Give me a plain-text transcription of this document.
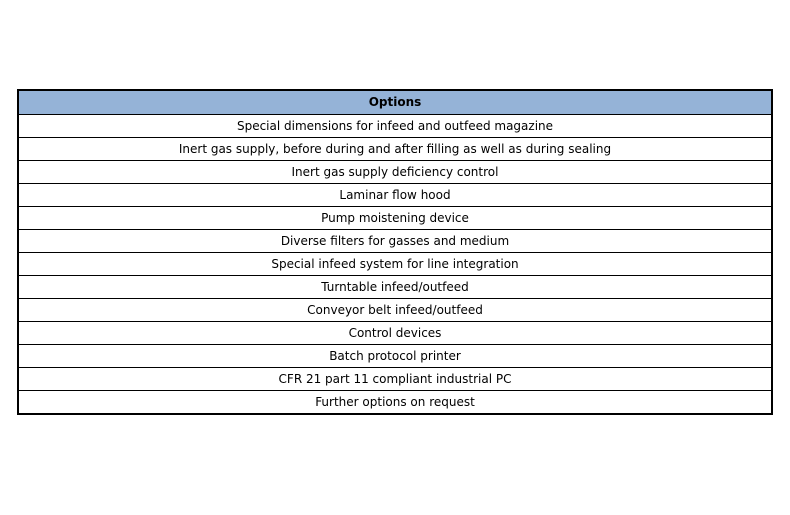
Options
Special dimensions for infeed and outfeed magazine
Inert gas supply, before during and after filling as well as during sealing
Inert gas supply deficiency control
Laminar flow hood
Pump moistening device
Diverse filters for gasses and medium
Special infeed system for line integration
Turntable infeed/outfeed
Conveyor belt infeed/outfeed
Control devices
Batch protocol printer
CFR 21 part 11 compliant industrial PC
Further options on request
